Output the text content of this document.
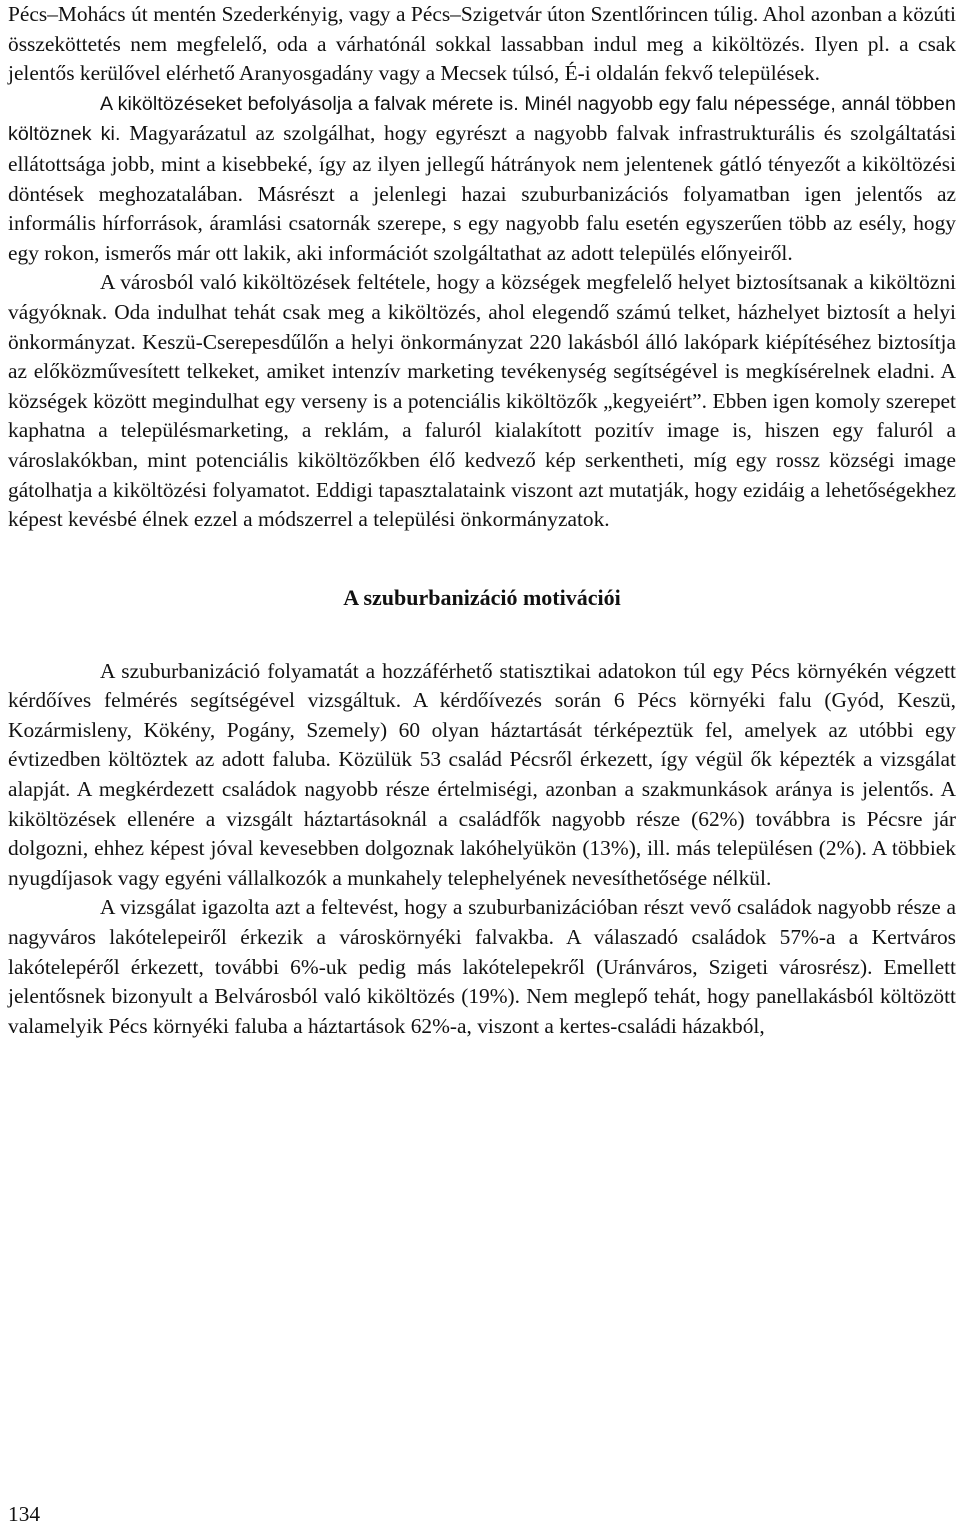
Pécs–Mohács út mentén Szederkényig, vagy a Pécs–Szigetvár úton Szentlőrincen túlig. Ahol azonban a közúti összeköttetés nem megfelelő, oda a várhatónál sokkal lassabban indul meg a kiköltözés. Ilyen pl. a csak jelentős kerülővel elérhető Aranyosgadány vagy a Mecsek túlsó, É-i oldalán fekvő települések.

A kiköltözéseket befolyásolja a falvak mérete is. Minél nagyobb egy falu népessége, annál többen költöznek ki. Magyarázatul az szolgálhat, hogy egyrészt a nagyobb falvak infrastrukturális és szolgáltatási ellátottsága jobb, mint a kisebbeké, így az ilyen jellegű hátrányok nem jelentenek gátló tényezőt a kiköltözési döntések meghozatalában. Másrészt a jelenlegi hazai szuburbanizációs folyamatban igen jelentős az informális hírforrások, áramlási csatornák szerepe, s egy nagyobb falu esetén egyszerűen több az esély, hogy egy rokon, ismerős már ott lakik, aki információt szolgáltathat az adott település előnyeiről.

A városból való kiköltözések feltétele, hogy a községek megfelelő helyet biztosítsanak a kiköltözni vágyóknak. Oda indulhat tehát csak meg a kiköltözés, ahol elegendő számú telket, házhelyet biztosít a helyi önkormányzat. Keszü-Cserepesdűlőn a helyi önkormányzat 220 lakásból álló lakópark kiépítéséhez biztosítja az előközművesített telkeket, amiket intenzív marketing tevékenység segítségével is megkísérelnek eladni. A községek között megindulhat egy verseny is a potenciális kiköltözők „kegyeiért”. Ebben igen komoly szerepet kaphatna a településmarketing, a reklám, a faluról kialakított pozitív image is, hiszen egy faluról a városlakókban, mint potenciális kiköltözőkben élő kedvező kép serkentheti, míg egy rossz községi image gátolhatja a kiköltözési folyamatot. Eddigi tapasztalataink viszont azt mutatják, hogy ezidáig a lehetőségekhez képest kevésbé élnek ezzel a módszerrel a települési önkormányzatok.

A szuburbanizáció motivációi

A szuburbanizáció folyamatát a hozzáférhető statisztikai adatokon túl egy Pécs környékén végzett kérdőíves felmérés segítségével vizsgáltuk. A kérdőívezés során 6 Pécs környéki falu (Gyód, Keszü, Kozármisleny, Kökény, Pogány, Szemely) 60 olyan háztartását térképeztük fel, amelyek az utóbbi egy évtizedben költöztek az adott faluba. Közülük 53 család Pécsről érkezett, így végül ők képezték a vizsgálat alapját. A megkérdezett családok nagyobb része értelmiségi, azonban a szakmunkások aránya is jelentős. A kiköltözések ellenére a vizsgált háztartásoknál a családfők nagyobb része (62%) továbbra is Pécsre jár dolgozni, ehhez képest jóval kevesebben dolgoznak lakóhelyükön (13%), ill. más településen (2%). A többiek nyugdíjasok vagy egyéni vállalkozók a munkahely telephelyének nevesíthetősége nélkül.

A vizsgálat igazolta azt a feltevést, hogy a szuburbanizációban részt vevő családok nagyobb része a nagyváros lakótelepeiről érkezik a városkörnyéki falvakba. A válaszadó családok 57%-a a Kertváros lakótelepéről érkezett, további 6%-uk pedig más lakótelepekről (Uránváros, Szigeti városrész). Emellett jelentősnek bizonyult a Belvárosból való kiköltözés (19%). Nem meglepő tehát, hogy panellakásból költözött valamelyik Pécs környéki faluba a háztartások 62%-a, viszont a kertes-családi házakból,

134
